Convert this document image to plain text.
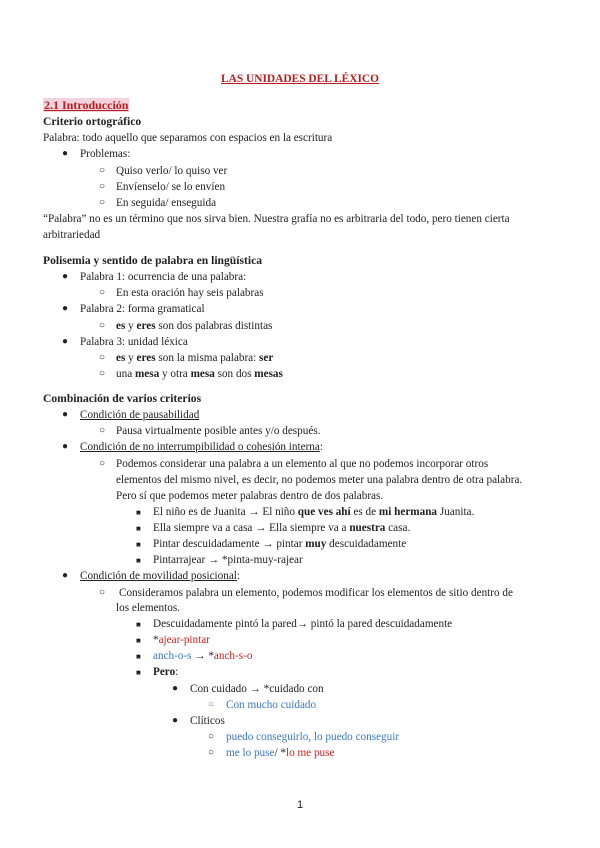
LAS UNIDADES DEL LÉXICO
2.1 Introducción
Criterio ortográfico
Palabra: todo aquello que separamos con espacios en la escritura
● Problemas:
○ Quiso verlo/ lo quiso ver
○ Envíenselo/ se lo envíen
○ En seguida/ enseguida
“Palabra” no es un término que nos sirva bien. Nuestra grafía no es arbitraria del todo, pero tienen cierta
arbitrariedad
Polisemia y sentido de palabra en lingüística
● Palabra 1: ocurrencia de una palabra:
○ En esta oración hay seis palabras
● Palabra 2: forma gramatical
○ es y eres son dos palabras distintas
● Palabra 3: unidad léxica
○ es y eres son la misma palabra: ser
○ una mesa y otra mesa son dos mesas
Combinación de varios criterios
● Condición de pausabilidad
○ Pausa virtualmente posible antes y/o después.
● Condición de no interrumpibilidad o cohesión interna:
○ Podemos considerar una palabra a un elemento al que no podemos incorporar otros
elementos del mismo nivel, es decir, no podemos meter una palabra dentro de otra palabra.
Pero sí que podemos meter palabras dentro de dos palabras.
■ El niño es de Juanita → El niño que ves ahí es de mi hermana Juanita.
■ Ella siempre va a casa → Ella siempre va a nuestra casa.
■ Pintar descuidadamente → pintar muy descuidadamente
■ Pintarrajear → *pinta-muy-rajear
● Condición de movilidad posicional:
○ Consideramos palabra un elemento, podemos modificar los elementos de sitio dentro de
los elementos.
■ Descuidadamente pintó la pared→ pintó la pared descuidadamente
■ *ajear-pintar
■ anch-o-s → *anch-s-o
■ Pero:
● Con cuidado → *cuidado con
○ Con mucho cuidado
● Clíticos
○ puedo conseguirlo, lo puedo conseguir
○ me lo puse/ *lo me puse
1
